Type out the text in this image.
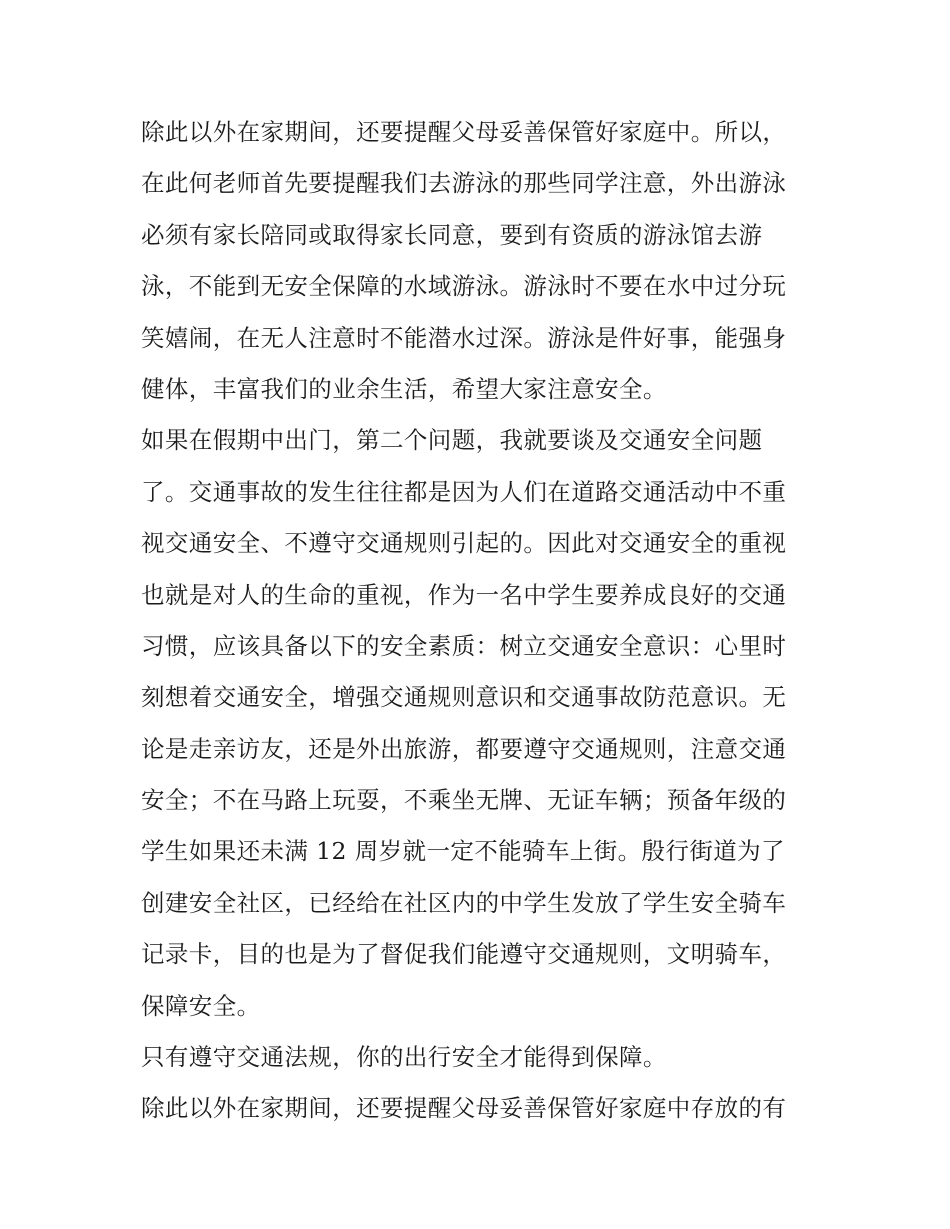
除此以外在家期间，还要提醒父母妥善保管好家庭中。所以，
在此何老师首先要提醒我们去游泳的那些同学注意，外出游泳
必须有家长陪同或取得家长同意，要到有资质的游泳馆去游
泳，不能到无安全保障的水域游泳。游泳时不要在水中过分玩
笑嬉闹，在无人注意时不能潜水过深。游泳是件好事，能强身
健体，丰富我们的业余生活，希望大家注意安全。
如果在假期中出门，第二个问题，我就要谈及交通安全问题
了。交通事故的发生往往都是因为人们在道路交通活动中不重
视交通安全、不遵守交通规则引起的。因此对交通安全的重视
也就是对人的生命的重视，作为一名中学生要养成良好的交通
习惯，应该具备以下的安全素质：树立交通安全意识：心里时
刻想着交通安全，增强交通规则意识和交通事故防范意识。无
论是走亲访友，还是外出旅游，都要遵守交通规则，注意交通
安全；不在马路上玩耍，不乘坐无牌、无证车辆；预备年级的
学生如果还未满 12 周岁就一定不能骑车上街。殷行街道为了
创建安全社区，已经给在社区内的中学生发放了学生安全骑车
记录卡，目的也是为了督促我们能遵守交通规则，文明骑车，
保障安全。
只有遵守交通法规，你的出行安全才能得到保障。
除此以外在家期间，还要提醒父母妥善保管好家庭中存放的有
